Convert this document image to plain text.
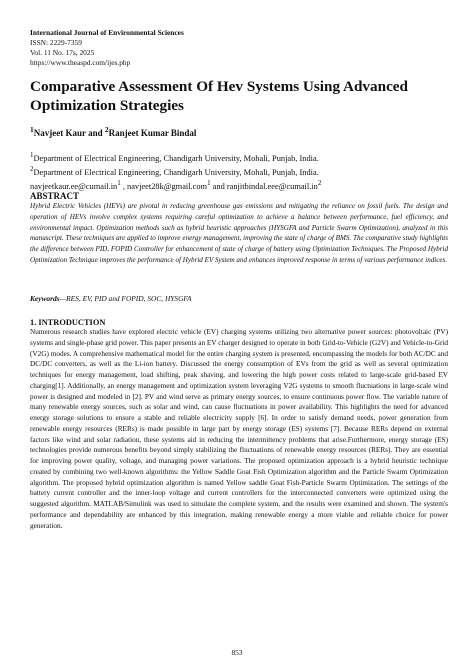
International Journal of Environmental Sciences
ISSN: 2229-7359
Vol. 11 No. 17s, 2025
https://www.theaspd.com/ijes.php
Comparative Assessment Of Hev Systems Using Advanced Optimization Strategies
$^1$Navjeet Kaur and $^2$Ranjeet Kumar Bindal
$^1$Department of Electrical Engineering, Chandigarh University, Mohali, Punjab, India.
$^2$Department of Electrical Engineering, Chandigarh University, Mohali, Punjab, India.
$navjeetkaur.ee@cumail.in^1$ , navjeet28k@gmail.com$^1$ and $ranjitbindal.eee@cumail.in^2$
ABSTRACT

Hybrid Electric Vehicles (HEVs) are pivotal in reducing greenhouse gas emissions and mitigating the reliance on fossil fuels. The design and operation of HEVs involve complex systems requiring careful optimization to achieve a balance between performance, fuel efficiency, and environmental impact. Optimization methods such as hybrid heuristic approaches (HYSGFA and Particle Swarm Optimization), analyzed in this manuscript. These techniques are applied to improve energy management, improving the state of charge of BMS. The comparative study highlights the difference between PID, FOPID Controller for enhancement of state of charge of battery using Optimization Techniques. The Proposed Hybrid Optimization Technique improves the performance of Hybrid EV System and enhances improved response in terms of various performance indices.

Keywords—RES, EV, PID and FOPID, SOC, HYSGFA
1. INTRODUCTION

Numerous research studies have explored electric vehicle (EV) charging systems utilizing two alternative power sources: photovoltaic (PV) systems and single-phase grid power. This paper presents an EV charger designed to operate in both Grid-to-Vehicle (G2V) and Vehicle-to-Grid (V2G) modes. A comprehensive mathematical model for the entire charging system is presented, encompassing the models for both AC/DC and DC/DC converters, as well as the Li-ion battery. Discussed the energy consumption of EVs from the grid as well as several optimization techniques for energy management, load shifting, peak shaving, and lowering the high power costs related to large-scale grid-based EV charging[1]. Additionally, an energy management and optimization system leveraging V2G systems to smooth fluctuations in large-scale wind power is designed and modeled in [2]. PV and wind serve as primary energy sources, to ensure continuous power flow. The variable nature of many renewable energy sources, such as solar and wind, can cause fluctuations in power availability. This highlights the need for advanced energy storage solutions to ensure a stable and reliable electricity supply [6]. In order to satisfy demand needs, power generation from renewable energy resources (RERs) is made possible in large part by energy storage (ES) systems [7]. Because RERs depend on external factors like wind and solar radiation, these systems aid in reducing the intermittency problems that arise.Furthermore, energy storage (ES) technologies provide numerous benefits beyond simply stabilizing the fluctuations of renewable energy resources (RERs). They are essential for improving power quality, voltage, and managing power variations. The proposed optimization approach is a hybrid heuristic technique created by combining two well-known algorithms: the Yellow Saddle Goat Fish Optimization algorithm and the Particle Swarm Optimization algorithm. The proposed hybrid optimization algorithm is named Yellow saddle Goat Fish-Particle Swarm Optimization. The settings of the battery current controller and the inner-loop voltage and current controllers for the interconnected converters were optimized using the suggested algorithm. MATLAB/Simulink was used to simulate the complete system, and the results were examined and shown. The system's performance and dependability are enhanced by this integration, making renewable energy a more viable and reliable choice for power generation.

853
